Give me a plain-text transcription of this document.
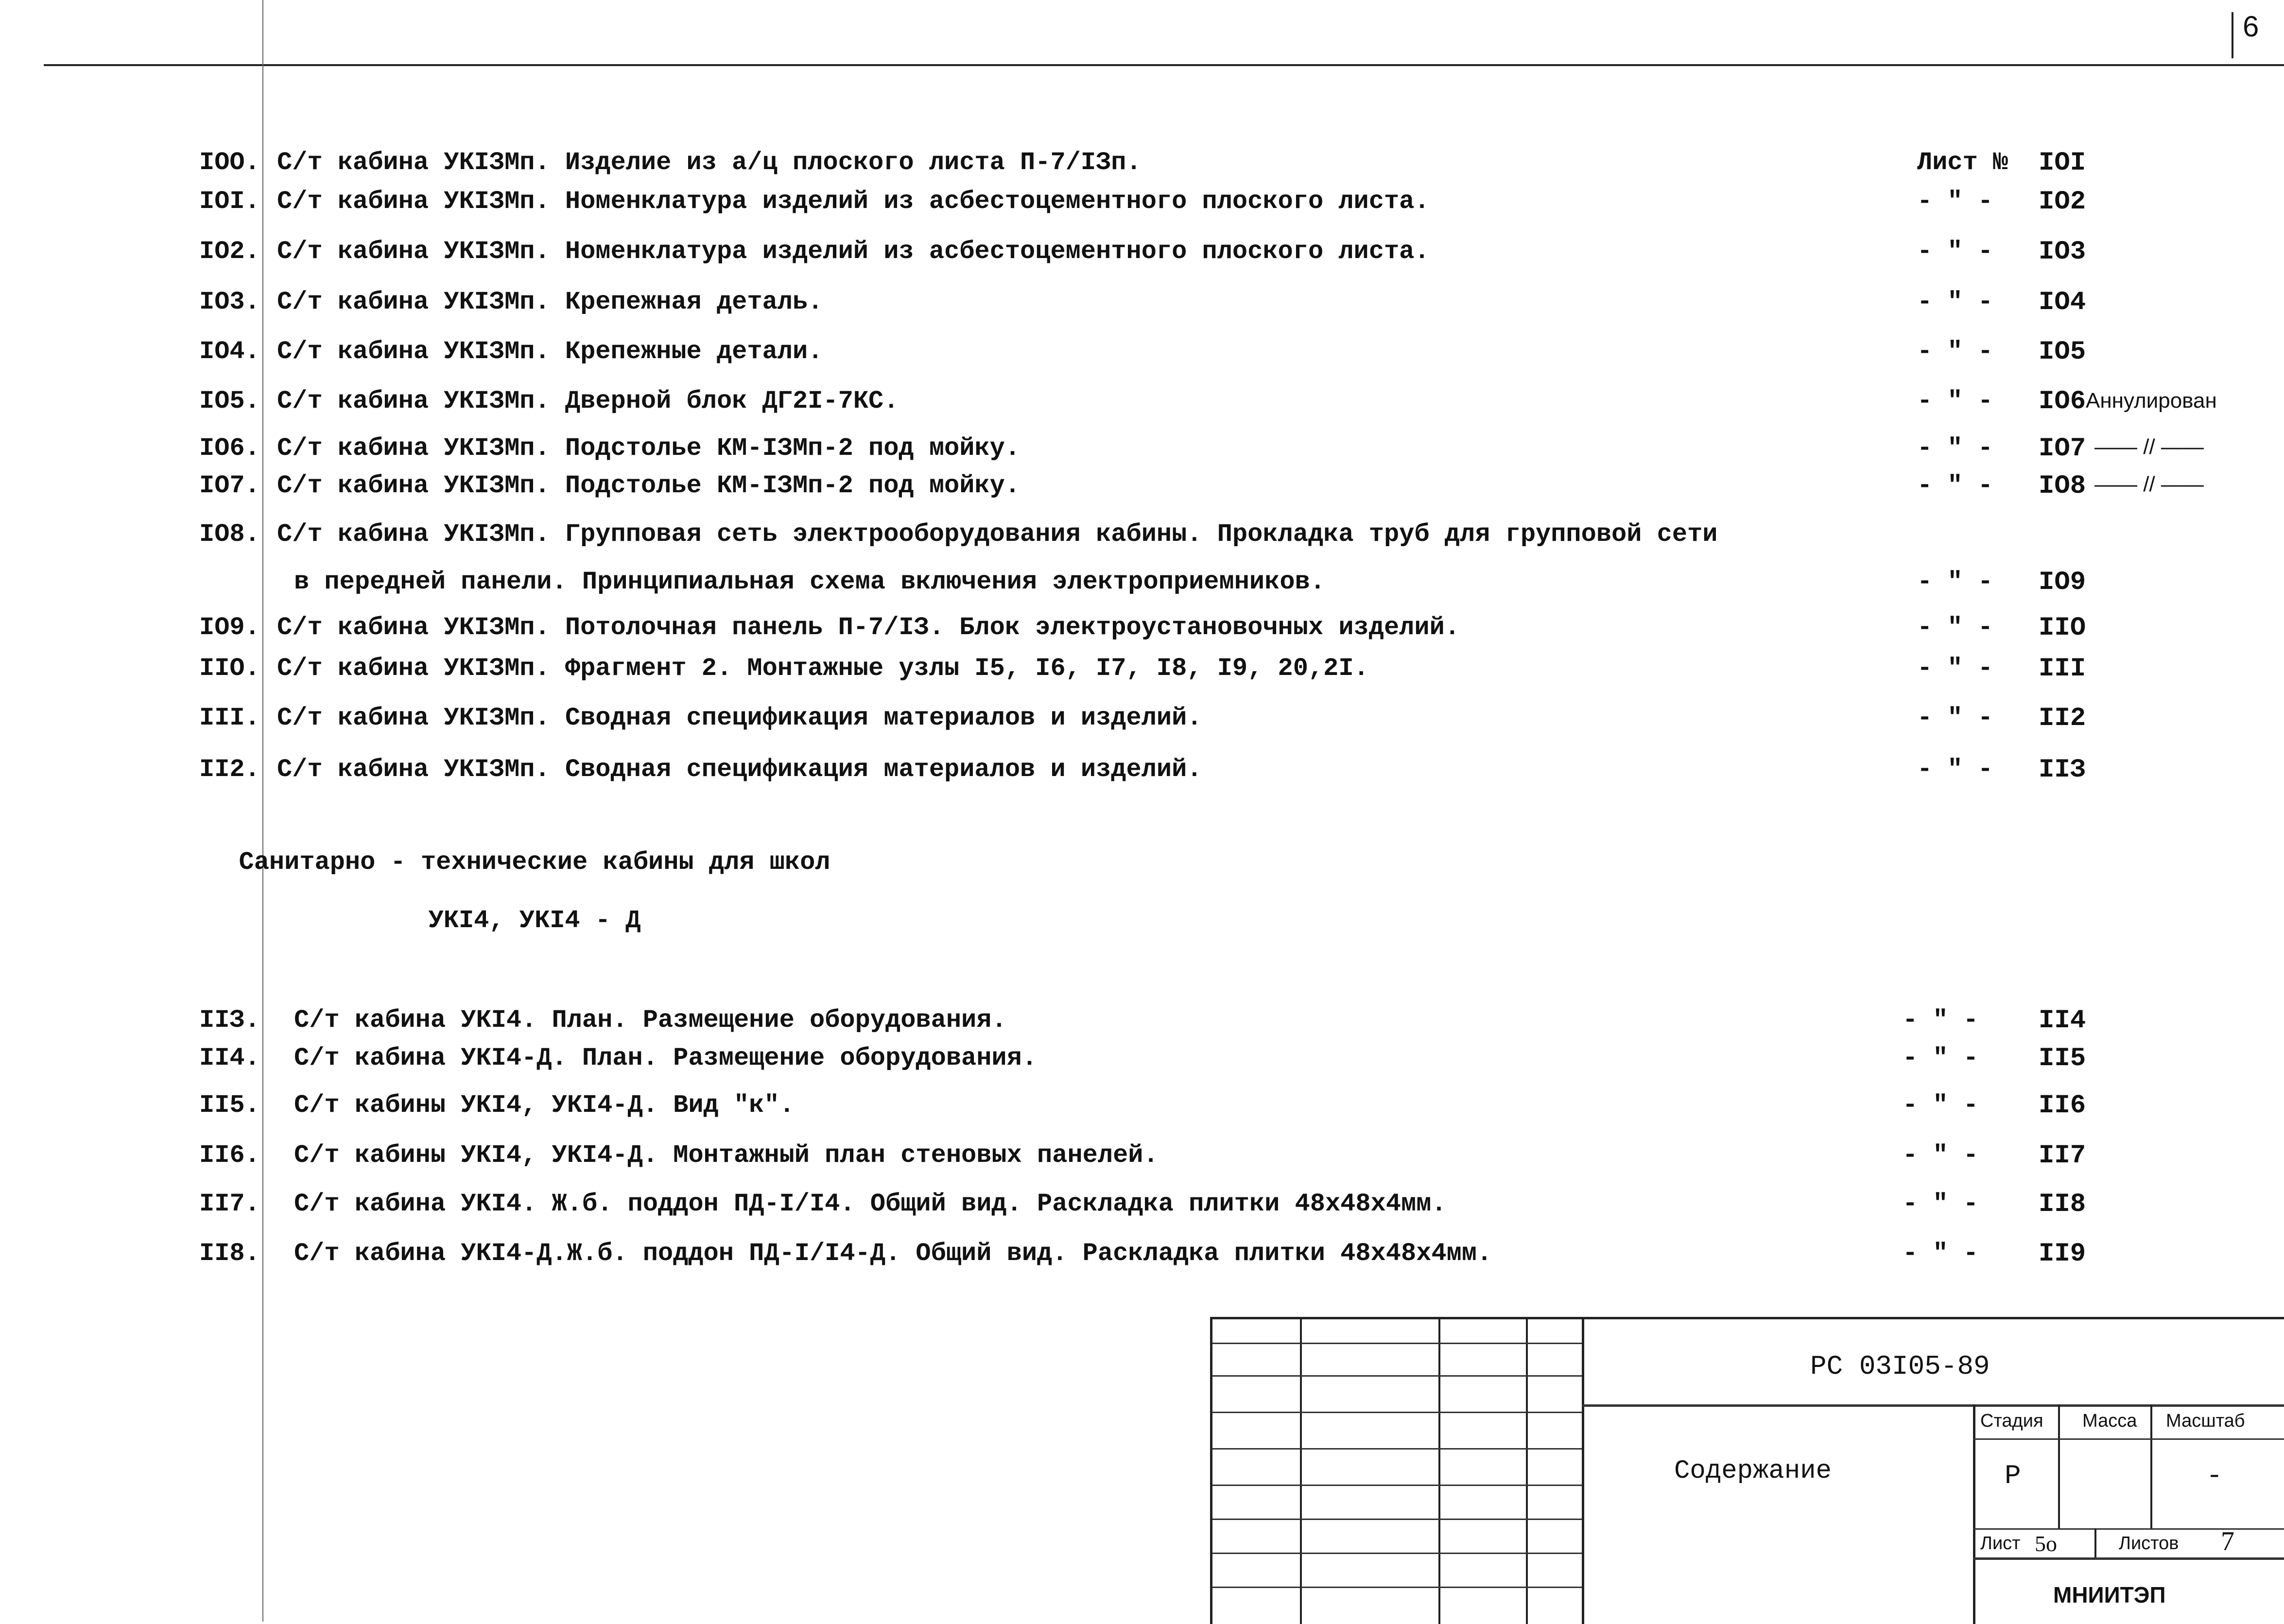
6
IOO. С/т кабина УКIЗМп. Изделие из а/ц плоского листа П-7/IЗп.	Лист № IOI
IOI. С/т кабина УКIЗМп. Номенклатура изделий из асбестоцементного плоского листа.	- " - IO2
IO2. С/т кабина УКIЗМп. Номенклатура изделий из асбестоцементного плоского листа.	- " - IO3
IO3. С/т кабина УКIЗМп. Крепежная деталь.	- " - IO4
IO4. С/т кабина УКIЗМп. Крепежные детали.	- " - IO5
IO5. С/т кабина УКIЗМп. Дверной блок ДГ2I-7КС.	- " - IO6 Аннулирован
IO6. С/т кабина УКIЗМп. Подстолье КМ-IЗМп-2 под мойку.	- " - IO7 —— // ——
IO7. С/т кабина УКIЗМп. Подстолье КМ-IЗМп-2 под мойку.	- " - IO8 —— // ——
IO8. С/т кабина УКIЗМп. Групповая сеть электрооборудования кабины. Прокладка труб для групповой сети
в передней панели. Принципиальная схема включения электроприемников.	- " - IO9
IO9. С/т кабина УКIЗМп. Потолочная панель П-7/IЗ. Блок электроустановочных изделий.	- " - IIO
IIO. С/т кабина УКIЗМп. Фрагмент 2. Монтажные узлы I5, I6, I7, I8, I9, 20,2I.	- " - III
III. С/т кабина УКIЗМп. Сводная спецификация материалов и изделий.	- " - II2
II2. С/т кабина УКIЗМп. Сводная спецификация материалов и изделий.	- " - IIЗ
Санитарно - технические кабины для школ
УКI4, УКI4 - Д
IIЗ. С/т кабина УКI4. План. Размещение оборудования.	- " - II4
II4. С/т кабина УКI4-Д. План. Размещение оборудования.	- " - II5
II5. С/т кабины УКI4, УКI4-Д. Вид "к".	- " - II6
II6. С/т кабины УКI4, УКI4-Д. Монтажный план стеновых панелей.	- " - II7
II7. С/т кабина УКI4. Ж.б. поддон ПД-I/I4. Общий вид. Раскладка плитки 48х48х4мм.	- " - II8
II8. С/т кабина УКI4-Д.Ж.б. поддон ПД-I/I4-Д. Общий вид. Раскладка плитки 48х48х4мм.	- " - II9
РС 03I05-89
Содержание
Стадия Масса Масштаб
Р	-
Лист 5о	Листов 7
МНИИТЭП
